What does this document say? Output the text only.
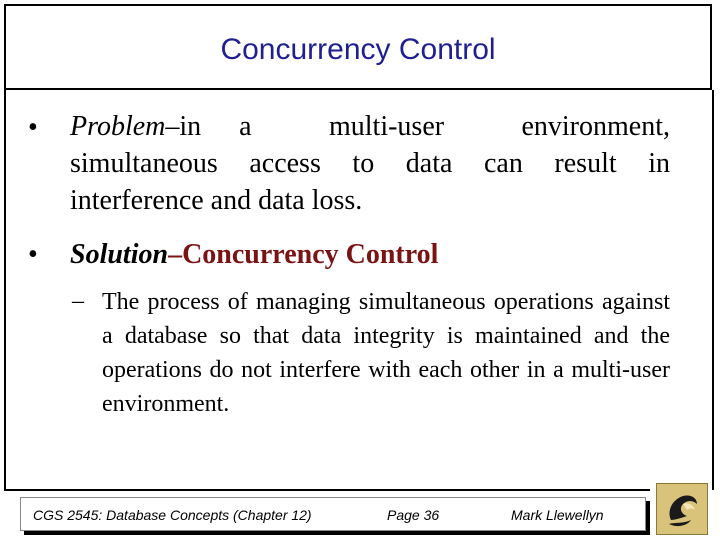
Concurrency Control
• Problem–in a multi-user environment,
simultaneous access to data can result in
interference and data loss.

• Solution–Concurrency Control

– The process of managing simultaneous operations against a database so that data integrity is maintained and the operations do not interfere with each other in a multi-user environment.

CGS 2545: Database Concepts (Chapter 12)	Page 36	Mark Llewellyn
